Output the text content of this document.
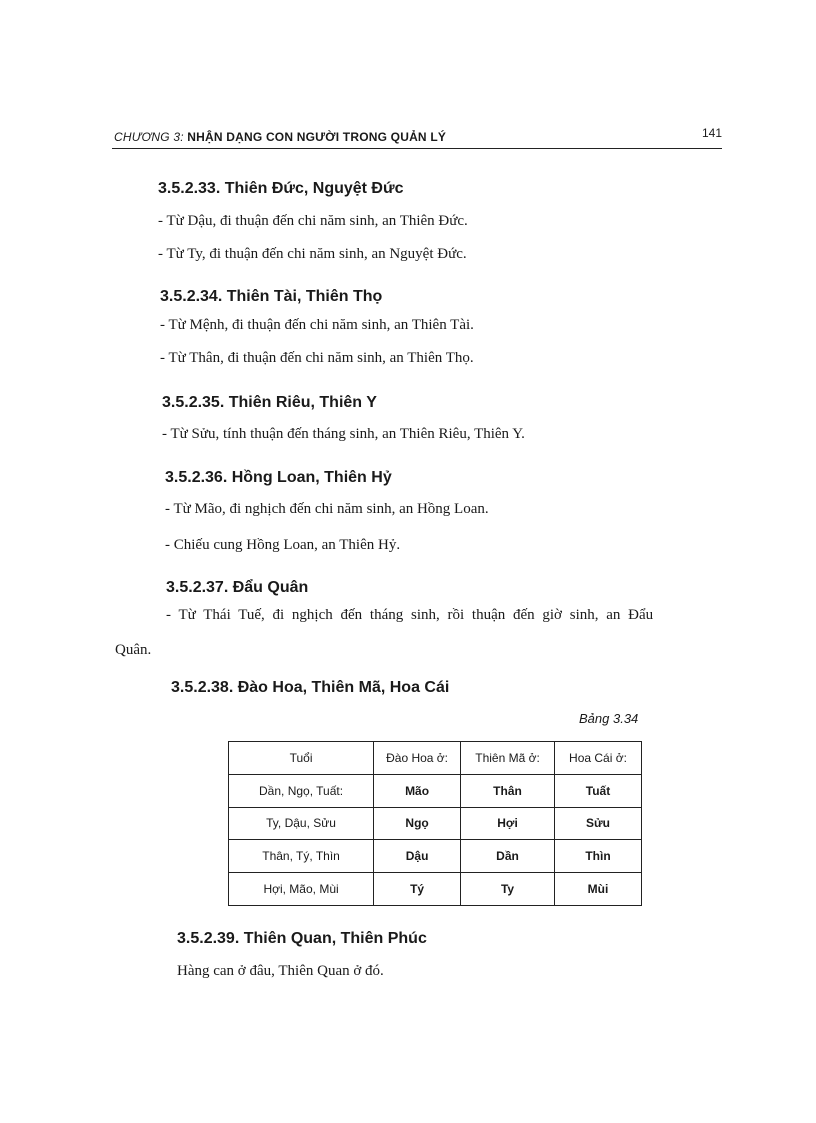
CHƯƠNG 3: NHẬN DẠNG CON NGƯỜI TRONG QUẢN LÝ	141
3.5.2.33. Thiên Đức, Nguyệt Đức
- Từ Dậu, đi thuận đến chi năm sinh, an Thiên Đức.
- Từ Ty, đi thuận đến chi năm sinh, an Nguyệt Đức.
3.5.2.34. Thiên Tài, Thiên Thọ
- Từ Mệnh, đi thuận đến chi năm sinh, an Thiên Tài.
- Từ Thân, đi thuận đến chi năm sinh, an Thiên Thọ.
3.5.2.35. Thiên Riêu, Thiên Y
- Từ Sửu, tính thuận đến tháng sinh, an Thiên Riêu, Thiên Y.
3.5.2.36. Hồng Loan, Thiên Hỷ
- Từ Mão, đi nghịch đến chi năm sinh, an Hồng Loan.
- Chiếu cung Hồng Loan, an Thiên Hỷ.
3.5.2.37. Đẩu Quân
- Từ Thái Tuế, đi nghịch đến tháng sinh, rồi thuận đến giờ sinh, an Đẩu
Quân.
3.5.2.38. Đào Hoa, Thiên Mã, Hoa Cái
Bảng 3.34
Tuổi	Đào Hoa ở:	Thiên Mã ở:	Hoa Cái ở:
Dần, Ngọ, Tuất:	Mão	Thân	Tuất
Ty, Dậu, Sửu	Ngọ	Hợi	Sửu
Thân, Tý, Thìn	Dậu	Dần	Thìn
Hợi, Mão, Mùi	Tý	Ty	Mùi
3.5.2.39. Thiên Quan, Thiên Phúc
Hàng can ở đâu, Thiên Quan ở đó.
